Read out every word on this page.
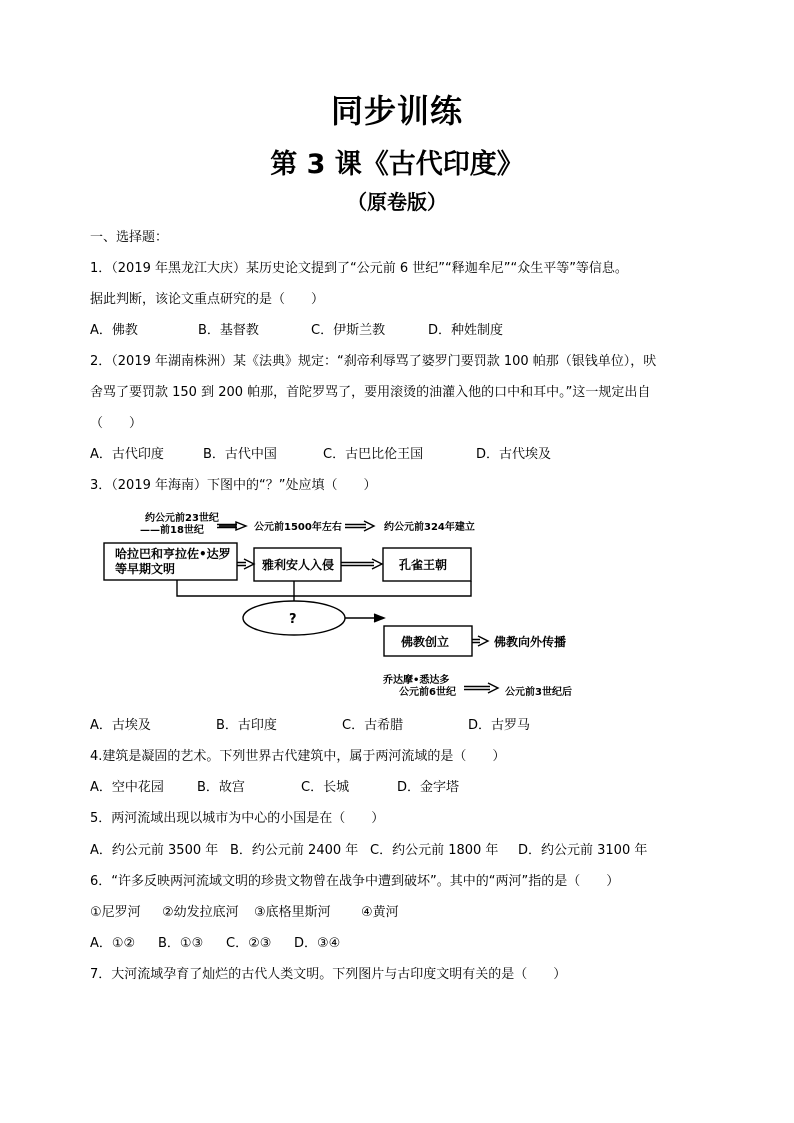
同步训练
第 3 课《古代印度》
（原卷版）
一、选择题：
1．（2019 年黑龙江大庆）某历史论文提到了“公元前 6 世纪”“释迦牟尼”“众生平等”等信息。
据此判断，该论文重点研究的是（　　）
A．佛教	B．基督教	C．伊斯兰教	D．种姓制度
2．（2019 年湖南株洲）某《法典》规定：“刹帝利辱骂了婆罗门要罚款 100 帕那（银钱单位），吠
舍骂了要罚款 150 到 200 帕那，首陀罗骂了，要用滚烫的油灌入他的口中和耳中。”这一规定出自
（　　）
A．古代印度	B．古代中国	C．古巴比伦王国	D．古代埃及
3．（2019 年海南）下图中的“？”处应填（　　）
约公元前23世纪
——前18世纪	公元前1500年左右	约公元前324年建立
乔达摩•悉达多
公元前6世纪	公元前3世纪后
哈拉巴和亨拉佐•达罗
等早期文明	雅利安人入侵	孔雀王朝
佛教创立	佛教向外传播
?
A．古埃及	B．古印度	C．古希腊	D．古罗马
4.建筑是凝固的艺术。下列世界古代建筑中，属于两河流域的是（　　）
A．空中花园	B．故宫	C．长城	D．金字塔
5．两河流域出现以城市为中心的小国是在（　　）
A．约公元前 3500 年 B．约公元前 2400 年 C．约公元前 1800 年 D．约公元前 3100 年
6．“许多反映两河流域文明的珍贵文物曾在战争中遭到破坏”。其中的“两河”指的是（　　）
①尼罗河 ②幼发拉底河 ③底格里斯河 ④黄河
A．①② B．①③ C．②③ D．③④
7．大河流域孕育了灿烂的古代人类文明。下列图片与古印度文明有关的是（　　）
